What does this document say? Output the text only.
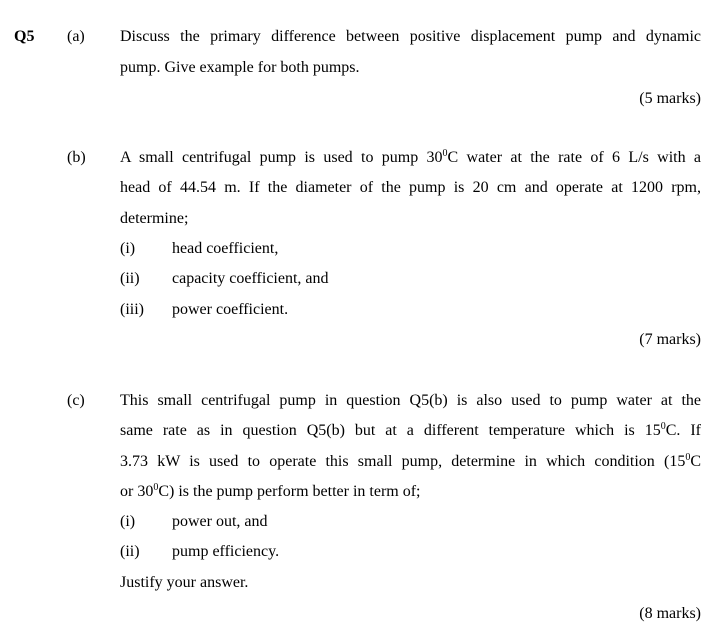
Q5 (a) Discuss the primary difference between positive displacement pump and dynamic
pump. Give example for both pumps.
(5 marks)
(b) A small centrifugal pump is used to pump $30^0C$ water at the rate of 6 L/s with a
head of 44.54 m. If the diameter of the pump is 20 cm and operate at 1200 rpm,
determine;
(i) head coefficient,
(ii) capacity coefficient, and
(iii) power coefficient.
(7 marks)
(c) This small centrifugal pump in question Q5(b) is also used to pump water at the
same rate as in question Q5(b) but at a different temperature which is $15^0C$. If
3.73 kW is used to operate this small pump, determine in which condition ($15^0C$
or $30^0C$) is the pump perform better in term of;
(i) power out, and
(ii) pump efficiency.
Justify your answer.
(8 marks)
